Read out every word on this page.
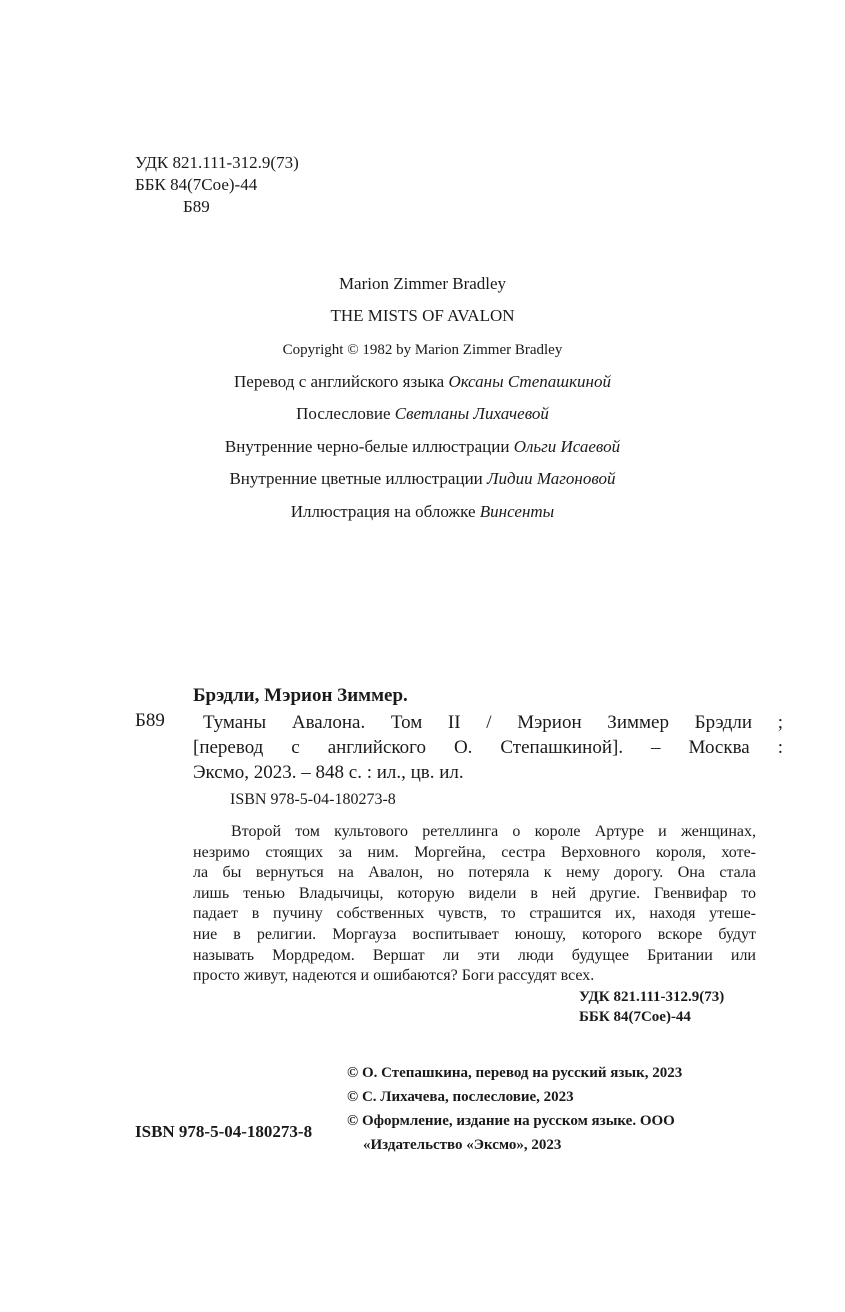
УДК 821.111-312.9(73)
ББК 84(7Сое)-44
Б89
Marion Zimmer Bradley
THE MISTS OF AVALON
Copyright © 1982 by Marion Zimmer Bradley
Перевод с английского языка Оксаны Степашкиной
Послесловие Светланы Лихачевой
Внутренние черно-белые иллюстрации Ольги Исаевой
Внутренние цветные иллюстрации Лидии Магоновой
Иллюстрация на обложке Винсенты
Брэдли, Мэрион Зиммер.
Б89	Туманы Авалона. Том II / Мэрион Зиммер Брэдли ;
[перевод с английского О. Степашкиной]. – Москва :
Эксмо, 2023. – 848 с. : ил., цв. ил.
ISBN 978-5-04-180273-8
Второй том культового ретеллинга о короле Артуре и женщинах,
незримо стоящих за ним. Моргейна, сестра Верховного короля, хоте-
ла бы вернуться на Авалон, но потеряла к нему дорогу. Она стала
лишь тенью Владычицы, которую видели в ней другие. Гвенвифар то
падает в пучину собственных чувств, то страшится их, находя утеше-
ние в религии. Моргауза воспитывает юношу, которого вскоре будут
называть Мордредом. Вершат ли эти люди будущее Британии или
просто живут, надеются и ошибаются? Боги рассудят всех.
УДК 821.111-312.9(73)
ББК 84(7Сое)-44
© О. Степашкина, перевод на русский язык, 2023
© С. Лихачева, послесловие, 2023
© Оформление, издание на русском языке. ООО
«Издательство «Эксмо», 2023
ISBN 978-5-04-180273-8
